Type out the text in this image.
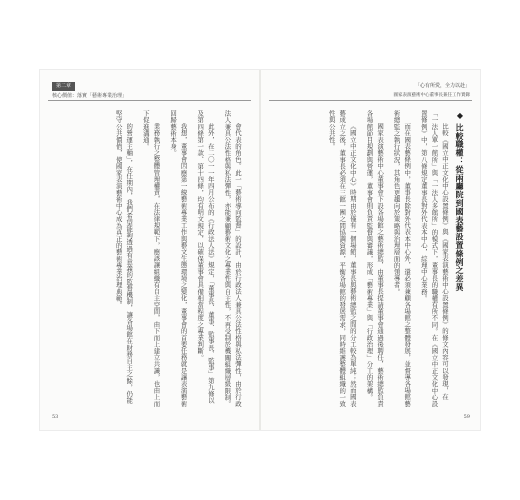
第二章
核心價值：落實「藝術專業治理」

會代表的角色。此一「藝術導向監督」的設計，由於行政法人兼具公法性格與私法彈性，由於行政法人兼具公法性格與私法彈性，亦能兼顧藝術文化之專業性與自主性，不再受制於機關組織層級限制。

此外，在二〇一一年四月公布的《行政法人法》規定，「董事長、董事、監事長、監事」第九條以及第四條第一款、第十四條，均有明文規定，以確保董事會具備相當程度之專業判斷。

我想，董事會因應第一線藝術專業工作與藝文生態環境之變化，董事會的首要任務就是讓表演藝術回歸藝術本身。

業務執行之整體管理權責，在法律規範下，應該讓組織有自主空間，由下而上建立共識，也由上而下促進溝通。

的營運主軸」，在任期內，我們希望能夠透過有意義的監督機制，讓各場館在財務自主之餘，仍能堅守公共價值，使國家表演藝術中心成為真正的藝術專業治理典範。

53
「心有所愛，全力以赴」
國家表演藝術中心董事長兼任工作實錄
◆比較職權：從兩廳院到國表藝設置條例之差異

比較《國立中正文化中心設置條例》與《國家表演藝術中心設置條例》的條文內容可以發現，在「一法人單一館所」與「一法人多館所」的模式下，董事長的職權有所不同。在《國立中正文化中心設置條例》中，第八條規定董事長對外代表本中心，綜理中心業務。

而在國表藝條例中，董事長除對外代表本中心外，還必須兼顧各場館之整體發展，並督導各場館藝術總監之執行狀況，其角色更趨向於策略與治理層面的領導者。

國家表演藝術中心董事會下設各場館之藝術總監，由董事長提請董事會通過後聘任，藝術總監負責各場館節目規劃與營運，董事會則負責監督與審議，形成「藝術專業」與「行政治理」分工的架構。

《國立中正文化中心》時期由於僅有一個場館，董事長與藝術總監之間的分工較為單純；然而國表藝成立之後，董事長必須在三館一團之間協調資源，平衡各場館的發展需求，同時維護整體組織的一致性與公共性。

59
